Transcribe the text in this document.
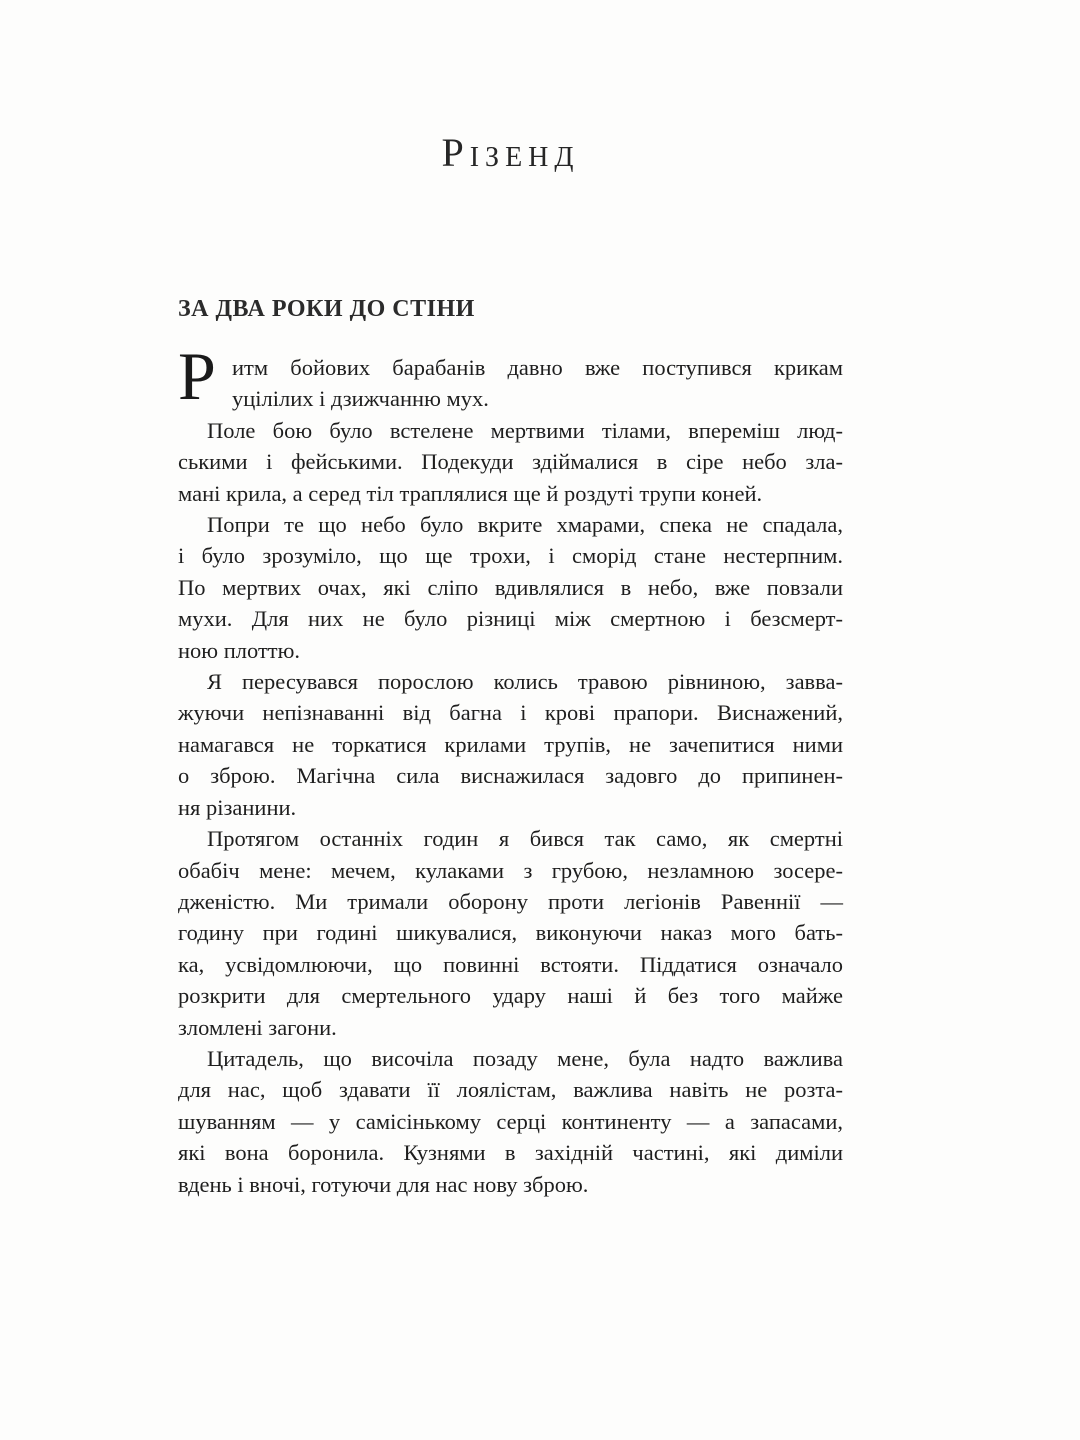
Різенд
ЗА ДВА РОКИ ДО СТІНИ
Р итм бойових барабанів давно вже поступився крикам
уцілілих і дзижчанню мух.
Поле бою було встелене мертвими тілами, впереміш люд-
ськими і фейськими. Подекуди здіймалися в сіре небо зла-
мані крила, а серед тіл траплялися ще й роздуті трупи коней.
Попри те що небо було вкрите хмарами, спека не спадала,
і було зрозуміло, що ще трохи, і сморід стане нестерпним.
По мертвих очах, які сліпо вдивлялися в небо, вже повзали
мухи. Для них не було різниці між смертною і безсмерт-
ною плоттю.
Я пересувався порослою колись травою рівниною, завва-
жуючи непізнаванні від багна і крові прапори. Виснажений,
намагався не торкатися крилами трупів, не зачепитися ними
о зброю. Магічна сила виснажилася задовго до припинен-
ня різанини.
Протягом останніх годин я бився так само, як смертні
обабіч мене: мечем, кулаками з грубою, незламною зосере-
дженістю. Ми тримали оборону проти легіонів Равеннії —
годину при годині шикувалися, виконуючи наказ мого бать-
ка, усвідомлюючи, що повинні встояти. Піддатися означало
розкрити для смертельного удару наші й без того майже
зломлені загони.
Цитадель, що височіла позаду мене, була надто важлива
для нас, щоб здавати її лоялістам, важлива навіть не розта-
шуванням — у самісінькому серці континенту — а запасами,
які вона боронила. Кузнями в західній частині, які диміли
вдень і вночі, готуючи для нас нову зброю.
